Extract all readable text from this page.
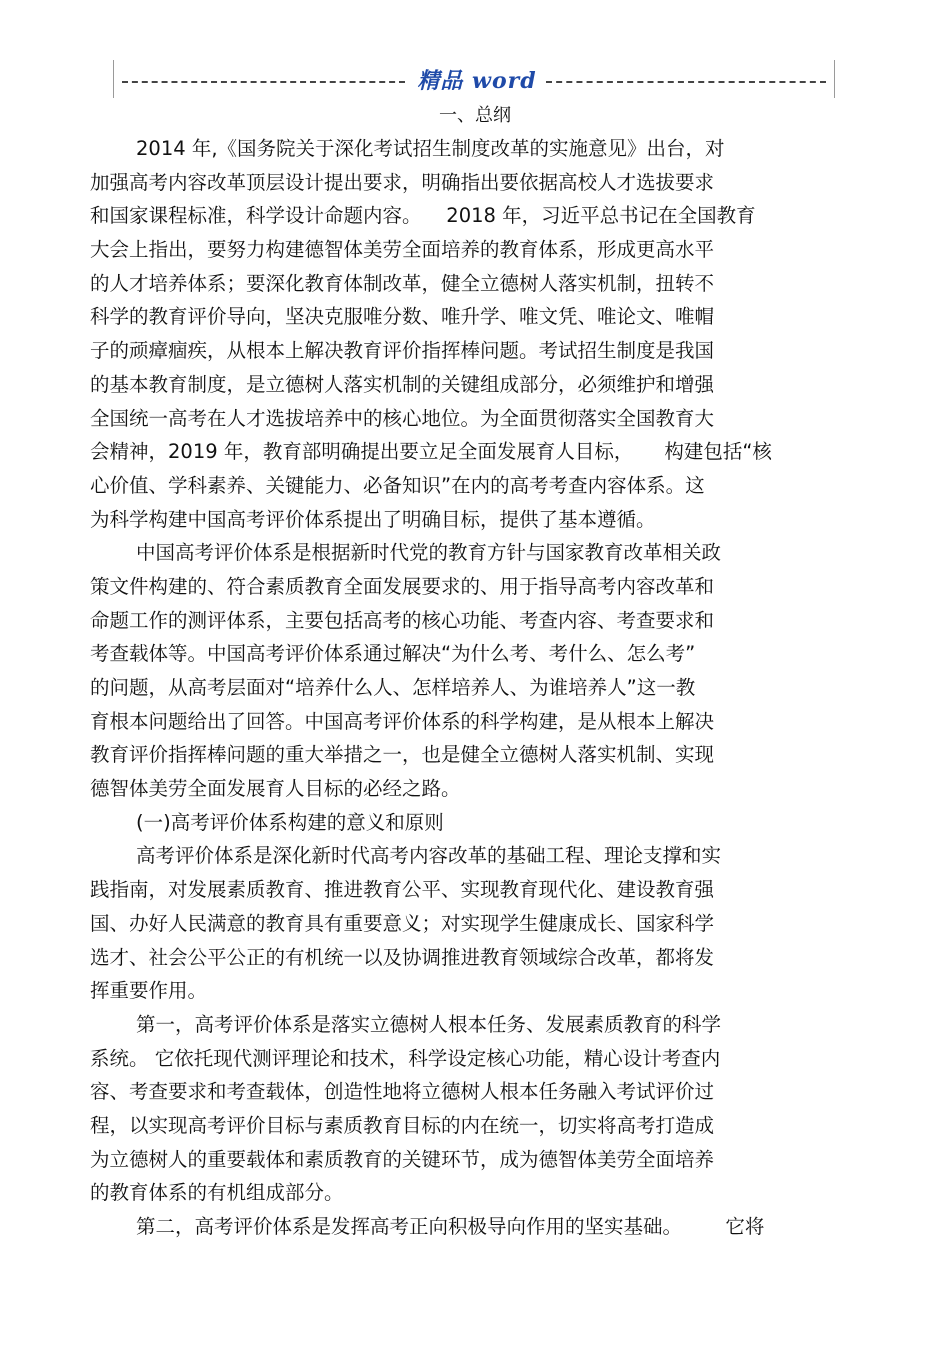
精品 word
一、总纲
2014 年,《国务院关于深化考试招生制度改革的实施意见》出台，对
加强高考内容改革顶层设计提出要求，明确指出要依据高校人才选拔要求
和国家课程标准，科学设计命题内容。    2018 年，习近平总书记在全国教育
大会上指出，要努力构建德智体美劳全面培养的教育体系，形成更高水平
的人才培养体系；要深化教育体制改革，健全立德树人落实机制，扭转不
科学的教育评价导向，坚决克服唯分数、唯升学、唯文凭、唯论文、唯帽
子的顽瘴痼疾，从根本上解决教育评价指挥棒问题。考试招生制度是我国
的基本教育制度，是立德树人落实机制的关键组成部分，必须维护和增强
全国统一高考在人才选拔培养中的核心地位。为全面贯彻落实全国教育大
会精神，2019 年，教育部明确提出要立足全面发展育人目标，     构建包括“核
心价值、学科素养、关键能力、必备知识”在内的高考考查内容体系。这
为科学构建中国高考评价体系提出了明确目标，提供了基本遵循。
中国高考评价体系是根据新时代党的教育方针与国家教育改革相关政
策文件构建的、符合素质教育全面发展要求的、用于指导高考内容改革和
命题工作的测评体系，主要包括高考的核心功能、考查内容、考查要求和
考查载体等。中国高考评价体系通过解决“为什么考、考什么、怎么考”
的问题，从高考层面对“培养什么人、怎样培养人、为谁培养人”这一教
育根本问题给出了回答。中国高考评价体系的科学构建，是从根本上解决
教育评价指挥棒问题的重大举措之一，也是健全立德树人落实机制、实现
德智体美劳全面发展育人目标的必经之路。
(一)高考评价体系构建的意义和原则
高考评价体系是深化新时代高考内容改革的基础工程、理论支撑和实
践指南，对发展素质教育、推进教育公平、实现教育现代化、建设教育强
国、办好人民满意的教育具有重要意义；对实现学生健康成长、国家科学
选才、社会公平公正的有机统一以及协调推进教育领域综合改革，都将发
挥重要作用。
第一，高考评价体系是落实立德树人根本任务、发展素质教育的科学
系统。 它依托现代测评理论和技术，科学设定核心功能，精心设计考查内
容、考查要求和考查载体，创造性地将立德树人根本任务融入考试评价过
程，以实现高考评价目标与素质教育目标的内在统一，切实将高考打造成
为立德树人的重要载体和素质教育的关键环节，成为德智体美劳全面培养
的教育体系的有机组成部分。
第二，高考评价体系是发挥高考正向积极导向作用的坚实基础。       它将
